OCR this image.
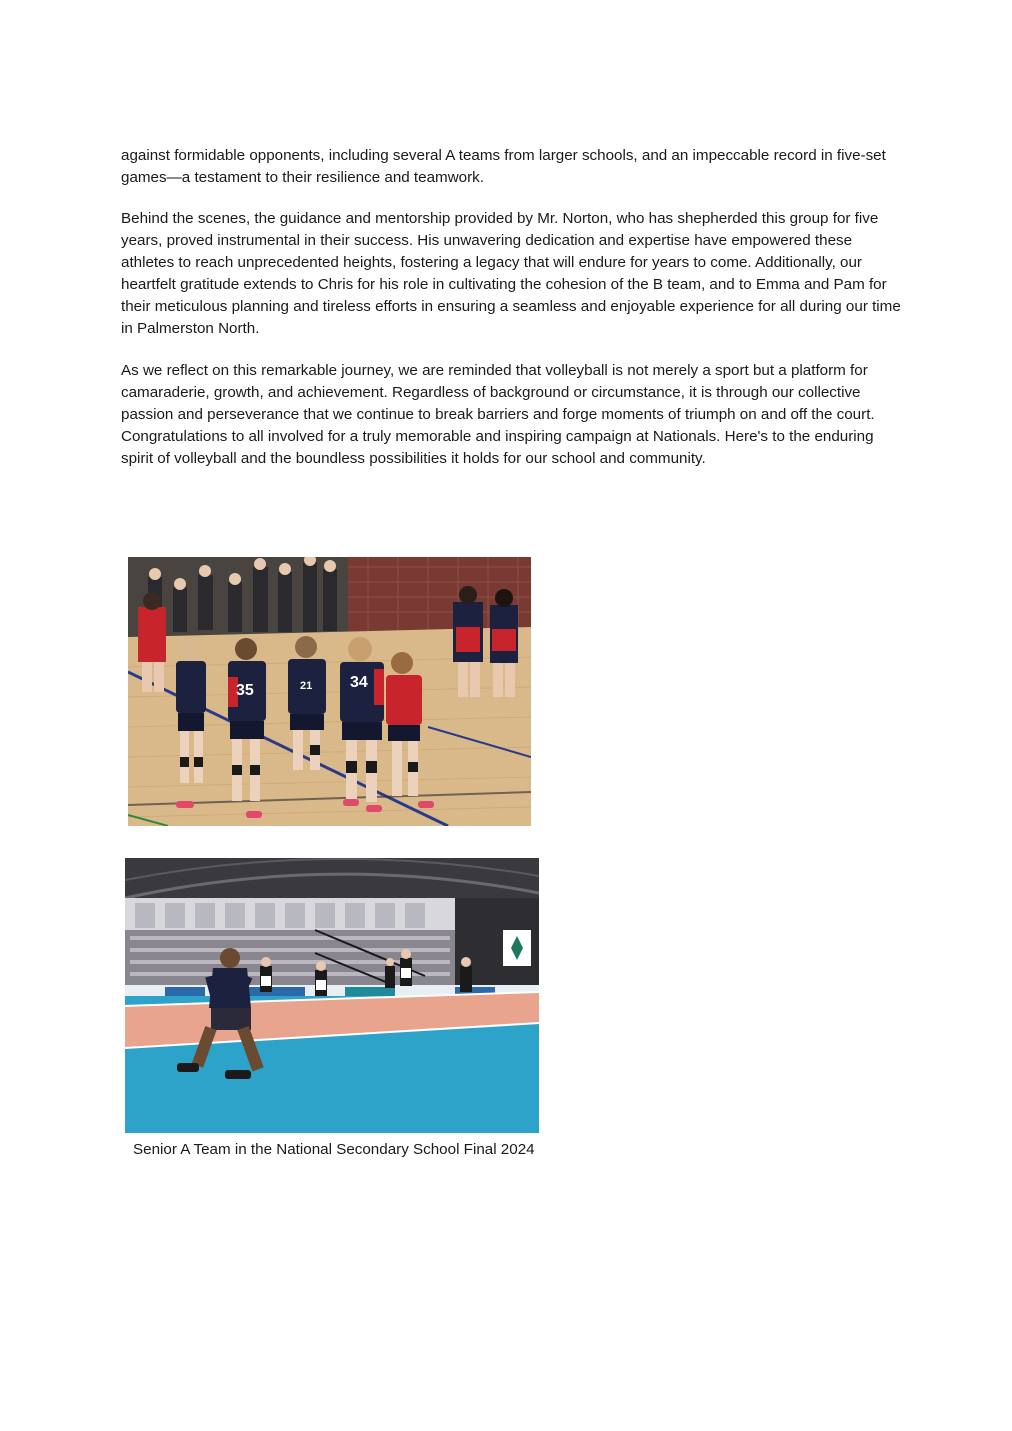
against formidable opponents, including several A teams from larger schools, and an impeccable record in five-set games—a testament to their resilience and teamwork.

Behind the scenes, the guidance and mentorship provided by Mr. Norton, who has shepherded this group for five years, proved instrumental in their success. His unwavering dedication and expertise have empowered these athletes to reach unprecedented heights, fostering a legacy that will endure for years to come. Additionally, our heartfelt gratitude extends to Chris for his role in cultivating the cohesion of the B team, and to Emma and Pam for their meticulous planning and tireless efforts in ensuring a seamless and enjoyable experience for all during our time in Palmerston North.

As we reflect on this remarkable journey, we are reminded that volleyball is not merely a sport but a platform for camaraderie, growth, and achievement. Regardless of background or circumstance, it is through our collective passion and perseverance that we continue to break barriers and forge moments of triumph on and off the court. Congratulations to all involved for a truly memorable and inspiring campaign at Nationals. Here's to the enduring spirit of volleyball and the boundless possibilities it holds for our school and community.

35	21 34

Senior A Team in the National Secondary School Final 2024
